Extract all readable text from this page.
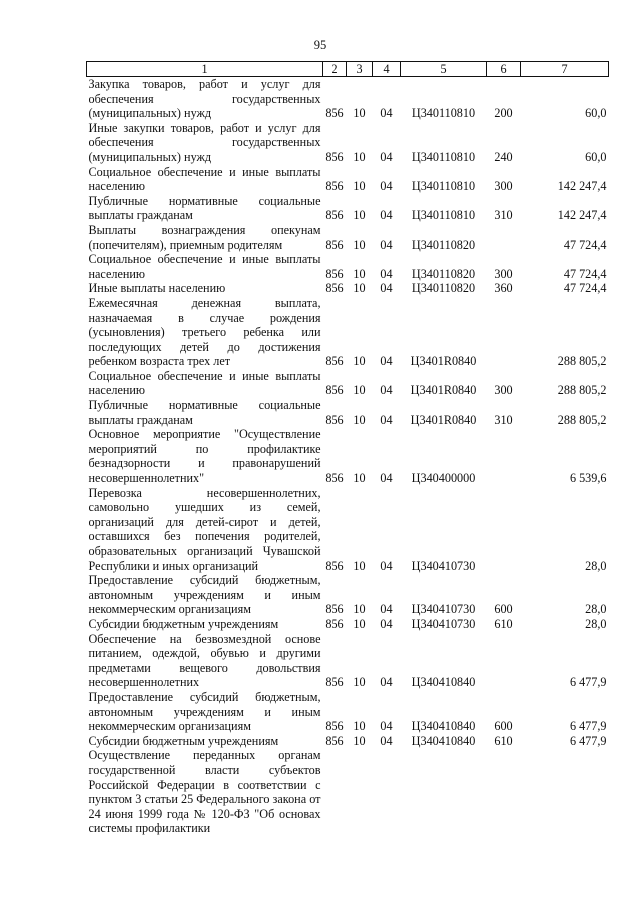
95
1	2	3	4	5	6	7
Закупка товаров, работ и услуг для обеспечения государственных (муниципальных) нужд	856	10	04	Ц340110810	200	60,0
Иные закупки товаров, работ и услуг для обеспечения государственных (муниципальных) нужд	856	10	04	Ц340110810	240	60,0
Социальное обеспечение и иные выплаты населению	856	10	04	Ц340110810	300	142 247,4
Публичные нормативные социальные выплаты гражданам	856	10	04	Ц340110810	310	142 247,4
Выплаты вознаграждения опекунам (попечителям), приемным родителям	856	10	04	Ц340110820		47 724,4
Социальное обеспечение и иные выплаты населению	856	10	04	Ц340110820	300	47 724,4
Иные выплаты населению	856	10	04	Ц340110820	360	47 724,4
Ежемесячная денежная выплата, назначаемая в случае рождения (усыновления) третьего ребенка или последующих детей до достижения ребенком возраста трех лет	856	10	04	Ц3401R0840		288 805,2
Социальное обеспечение и иные выплаты населению	856	10	04	Ц3401R0840	300	288 805,2
Публичные нормативные социальные выплаты гражданам	856	10	04	Ц3401R0840	310	288 805,2
Основное мероприятие "Осуществление мероприятий по профилактике безнадзорности и правонарушений несовершеннолетних"	856	10	04	Ц340400000		6 539,6
Перевозка несовершеннолетних, самовольно ушедших из семей, организаций для детей-сирот и детей, оставшихся без попечения родителей, образовательных организаций Чувашской Республики и иных организаций	856	10	04	Ц340410730		28,0
Предоставление субсидий бюджетным, автономным учреждениям и иным некоммерческим организациям	856	10	04	Ц340410730	600	28,0
Субсидии бюджетным учреждениям	856	10	04	Ц340410730	610	28,0
Обеспечение на безвозмездной основе питанием, одеждой, обувью и другими предметами вещевого довольствия несовершеннолетних	856	10	04	Ц340410840		6 477,9
Предоставление субсидий бюджетным, автономным учреждениям и иным некоммерческим организациям	856	10	04	Ц340410840	600	6 477,9
Субсидии бюджетным учреждениям	856	10	04	Ц340410840	610	6 477,9
Осуществление переданных органам государственной власти субъектов Российской Федерации в соответствии с пунктом 3 статьи 25 Федерального закона от 24 июня 1999 года № 120-ФЗ "Об основах системы профилактики						
